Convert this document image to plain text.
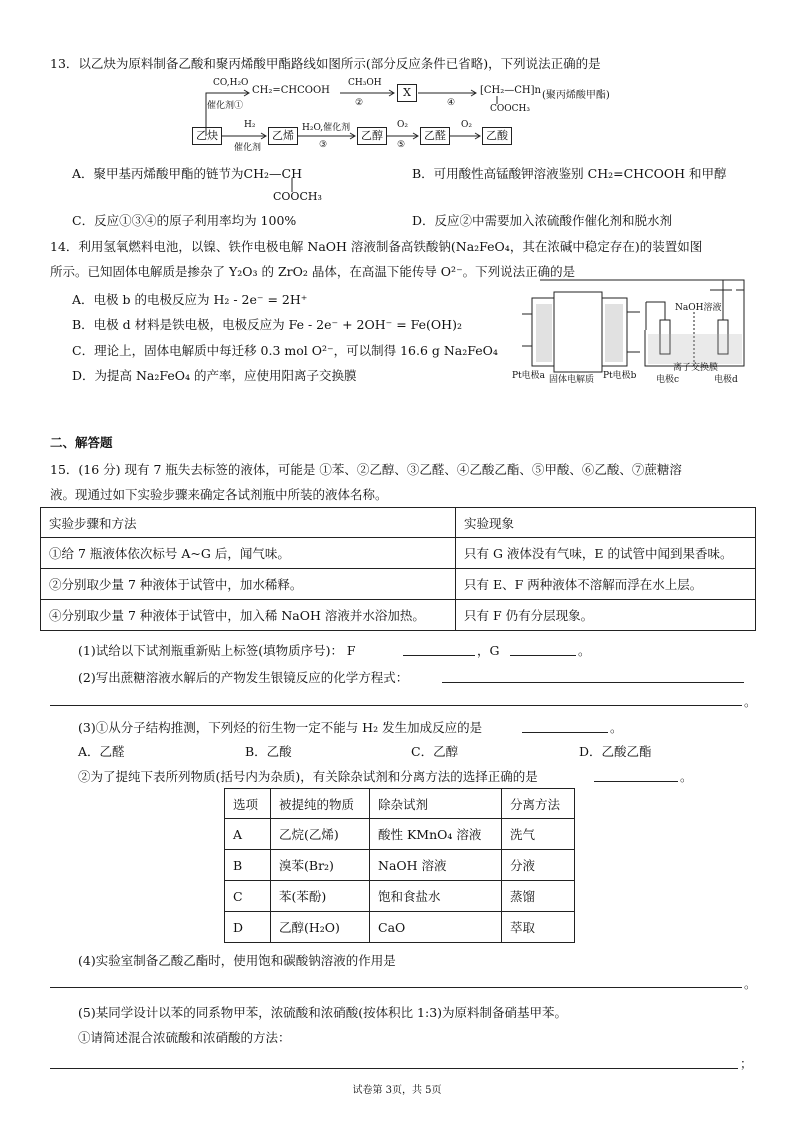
13．以乙炔为原料制备乙酸和聚丙烯酸甲酯路线如图所示(部分反应条件已省略)，下列说法正确的是
CO,H₂O
催化剂①
CH₂=CHCOOH
CH₃OH
②
X
④
[CH₂—CH]n
COOCH₃
(聚丙烯酸甲酯)
乙炔
H₂
催化剂
乙烯
H₂O,催化剂
③
乙醇
O₂
⑤
乙醛
O₂
乙酸
A．聚甲基丙烯酸甲酯的链节为CH₂—CH
COOCH₃
B．可用酸性高锰酸钾溶液鉴别 CH₂=CHCOOH 和甲醇
C．反应①③④的原子利用率均为 100%	D．反应②中需要加入浓硫酸作催化剂和脱水剂
14．利用氢氧燃料电池，以镍、铁作电极电解 NaOH 溶液制备高铁酸钠(Na₂FeO₄，其在浓碱中稳定存在)的装置如图
所示。已知固体电解质是掺杂了 Y₂O₃ 的 ZrO₂ 晶体，在高温下能传导 O²⁻。下列说法正确的是
A．电极 b 的电极反应为 H₂ - 2e⁻ = 2H⁺
B．电极 d 材料是铁电极，电极反应为 Fe - 2e⁻ + 2OH⁻ = Fe(OH)₂
C．理论上，固体电解质中每迁移 0.3 mol O²⁻，可以制得 16.6 g Na₂FeO₄
D．为提高 Na₂FeO₄ 的产率，应使用阳离子交换膜
NaOH溶液
Pt电极a 固体电解质 Pt电极b
离子交换膜
电极c	电极d
二、解答题
15．(16 分) 现有 7 瓶失去标签的液体，可能是 ①苯、②乙醇、③乙醛、④乙酸乙酯、⑤甲酸、⑥乙酸、⑦蔗糖溶
液。现通过如下实验步骤来确定各试剂瓶中所装的液体名称。
实验步骤和方法	实验现象
①给 7 瓶液体依次标号 A~G 后，闻气味。	只有 G 液体没有气味，E 的试管中闻到果香味。
②分别取少量 7 种液体于试管中，加水稀释。	只有 E、F 两种液体不溶解而浮在水上层。
④分别取少量 7 种液体于试管中，加入稀 NaOH 溶液并水浴加热。	只有 F 仍有分层现象。
(1)试给以下试剂瓶重新贴上标签(填物质序号)： F	，G	。
(2)写出蔗糖溶液水解后的产物发生银镜反应的化学方程式：
。
(3)①从分子结构推测，下列烃的衍生物一定不能与 H₂ 发生加成反应的是	。
A．乙醛	B．乙酸	C．乙醇	D．乙酸乙酯
②为了提纯下表所列物质(括号内为杂质)，有关除杂试剂和分离方法的选择正确的是	。
选项	被提纯的物质	除杂试剂	分离方法
A	乙烷(乙烯)	酸性 KMnO₄ 溶液	洗气
B	溴苯(Br₂)	NaOH 溶液	分液
C	苯(苯酚)	饱和食盐水	蒸馏
D	乙醇(H₂O)	CaO	萃取
(4)实验室制备乙酸乙酯时，使用饱和碳酸钠溶液的作用是
。
(5)某同学设计以苯的同系物甲苯，浓硫酸和浓硝酸(按体积比 1:3)为原料制备硝基甲苯。
①请简述混合浓硫酸和浓硝酸的方法：
；
试卷第 3页，共 5页
